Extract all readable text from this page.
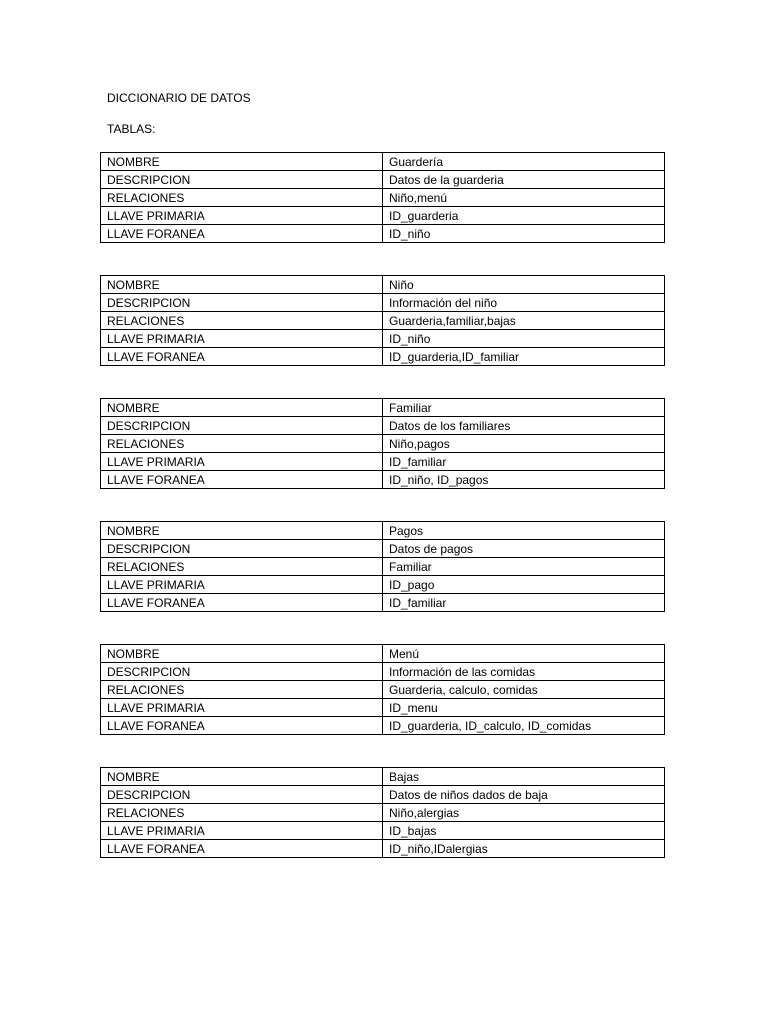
DICCIONARIO DE DATOS
TABLAS:
NOMBRE	Guardería
DESCRIPCION	Datos de la guarderia
RELACIONES	Niño,menú
LLAVE PRIMARIA	ID_guarderia
LLAVE FORANEA	ID_niño
NOMBRE	Niño
DESCRIPCION	Información del niño
RELACIONES	Guarderia,familiar,bajas
LLAVE PRIMARIA	ID_niño
LLAVE FORANEA	ID_guarderia,ID_familiar
NOMBRE	Familiar
DESCRIPCION	Datos de los familiares
RELACIONES	Niño,pagos
LLAVE PRIMARIA	ID_familiar
LLAVE FORANEA	ID_niño, ID_pagos
NOMBRE	Pagos
DESCRIPCION	Datos de pagos
RELACIONES	Familiar
LLAVE PRIMARIA	ID_pago
LLAVE FORANEA	ID_familiar
NOMBRE	Menú
DESCRIPCION	Información de las comidas
RELACIONES	Guarderia, calculo, comidas
LLAVE PRIMARIA	ID_menu
LLAVE FORANEA	ID_guarderia, ID_calculo, ID_comidas
NOMBRE	Bajas
DESCRIPCION	Datos de niños dados de baja
RELACIONES	Niño,alergias
LLAVE PRIMARIA	ID_bajas
LLAVE FORANEA	ID_niño,IDalergias
